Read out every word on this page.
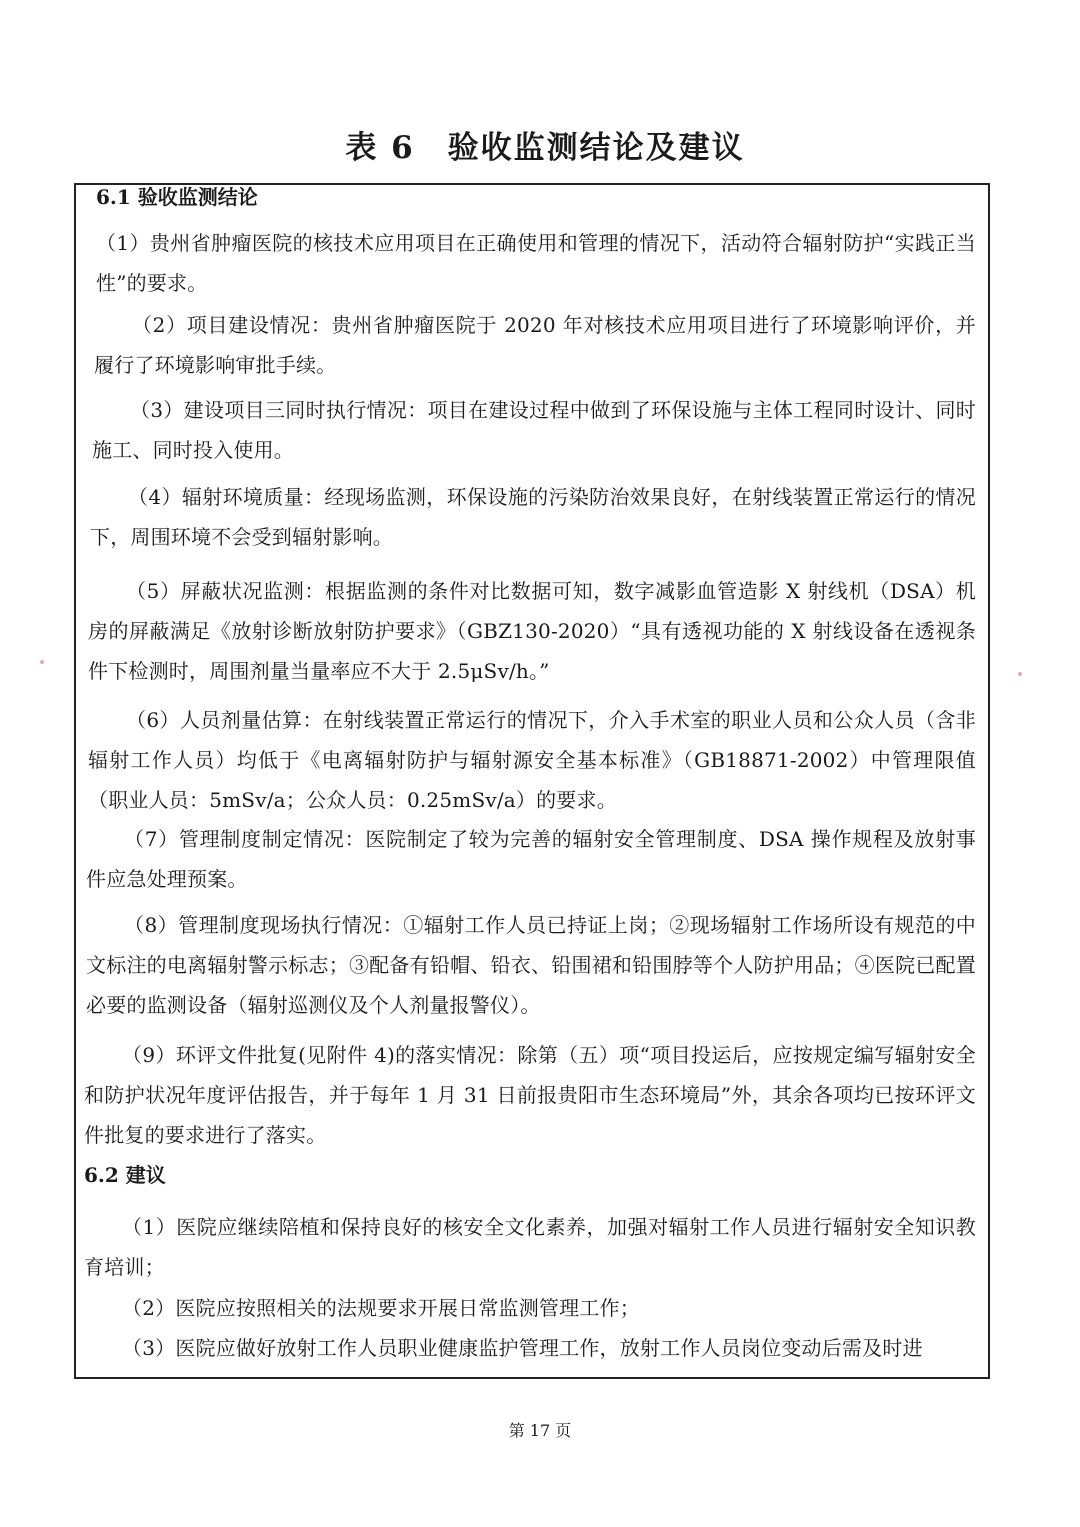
表 6　验收监测结论及建议
6.1 验收监测结论
（1）贵州省肿瘤医院的核技术应用项目在正确使用和管理的情况下，活动符合辐射防护“实践正当性”的要求。
（2）项目建设情况：贵州省肿瘤医院于 2020 年对核技术应用项目进行了环境影响评价，并履行了环境影响审批手续。
（3）建设项目三同时执行情况：项目在建设过程中做到了环保设施与主体工程同时设计、同时施工、同时投入使用。
（4）辐射环境质量：经现场监测，环保设施的污染防治效果良好，在射线装置正常运行的情况下，周围环境不会受到辐射影响。
（5）屏蔽状况监测：根据监测的条件对比数据可知，数字减影血管造影 X 射线机（DSA）机房的屏蔽满足《放射诊断放射防护要求》（GBZ130-2020）“具有透视功能的 X 射线设备在透视条件下检测时，周围剂量当量率应不大于 2.5μSv/h。”
（6）人员剂量估算：在射线装置正常运行的情况下，介入手术室的职业人员和公众人员（含非辐射工作人员）均低于《电离辐射防护与辐射源安全基本标准》（GB18871-2002）中管理限值（职业人员：5mSv/a；公众人员：0.25mSv/a）的要求。
（7）管理制度制定情况：医院制定了较为完善的辐射安全管理制度、DSA 操作规程及放射事件应急处理预案。
（8）管理制度现场执行情况：①辐射工作人员已持证上岗；②现场辐射工作场所设有规范的中文标注的电离辐射警示标志；③配备有铅帽、铅衣、铅围裙和铅围脖等个人防护用品；④医院已配置必要的监测设备（辐射巡测仪及个人剂量报警仪）。
（9）环评文件批复(见附件 4)的落实情况：除第（五）项“项目投运后，应按规定编写辐射安全和防护状况年度评估报告，并于每年 1 月 31 日前报贵阳市生态环境局”外，其余各项均已按环评文件批复的要求进行了落实。
6.2 建议
（1）医院应继续陪植和保持良好的核安全文化素养，加强对辐射工作人员进行辐射安全知识教育培训；
（2）医院应按照相关的法规要求开展日常监测管理工作；
（3）医院应做好放射工作人员职业健康监护管理工作，放射工作人员岗位变动后需及时进
第 17 页
